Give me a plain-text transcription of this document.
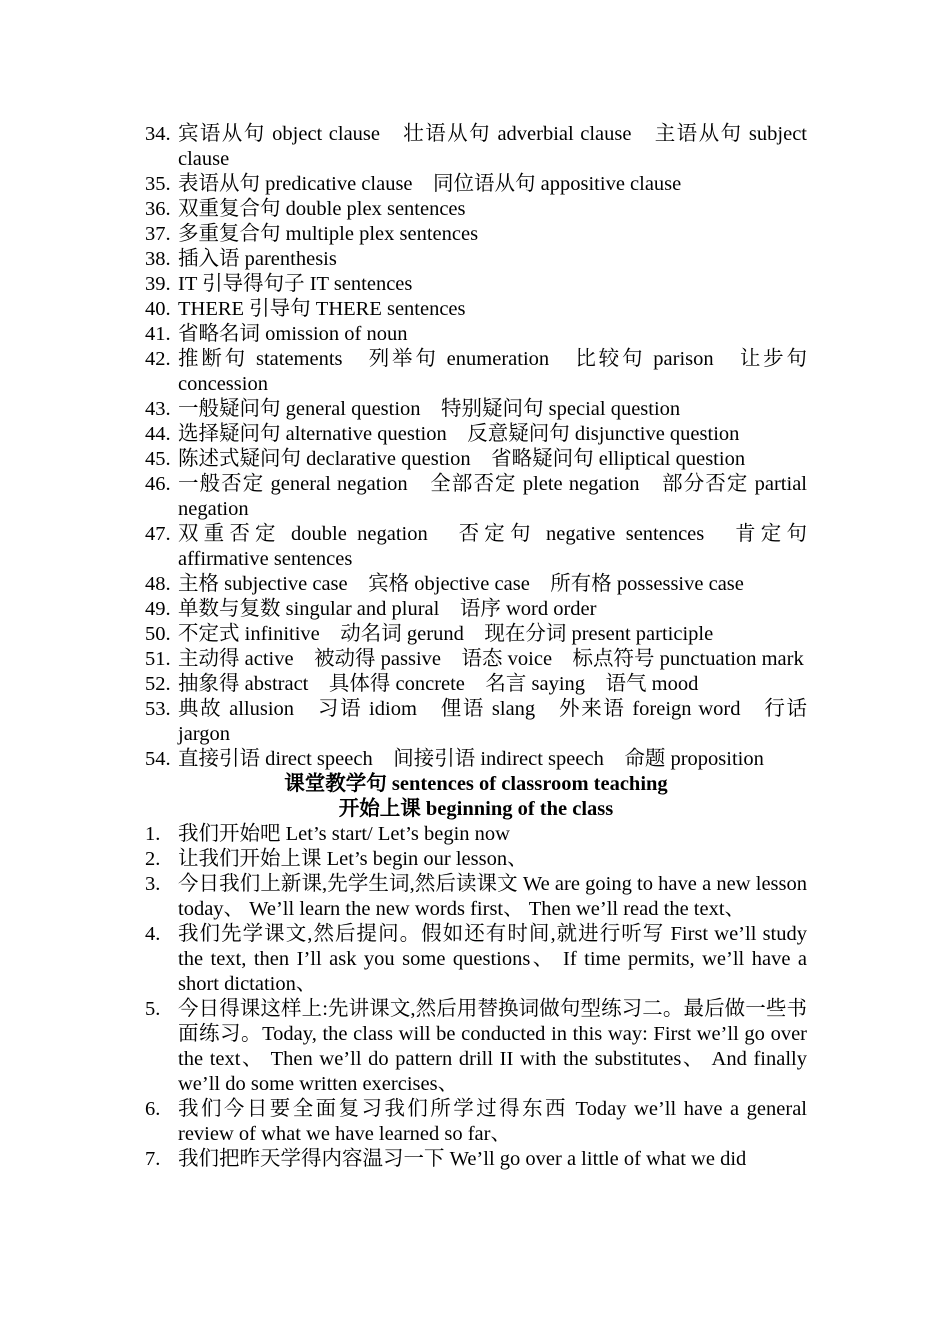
34. 宾语从句 object clause　壮语从句 adverbial clause　主语从句 subject clause
35. 表语从句 predicative clause　同位语从句 appositive clause
36. 双重复合句 double plex sentences
37. 多重复合句 multiple plex sentences
38. 插入语 parenthesis
39. IT 引导得句子 IT sentences
40. THERE 引导句 THERE sentences
41. 省略名词 omission of noun
42. 推断句 statements　列举句 enumeration　比较句 parison　让步句 concession
43. 一般疑问句 general question　特别疑问句 special question
44. 选择疑问句 alternative question　反意疑问句 disjunctive question
45. 陈述式疑问句 declarative question　省略疑问句 elliptical question
46. 一般否定 general negation　全部否定 plete negation　部分否定 partial negation
47. 双重否定 double negation　否定句 negative sentences　肯定句 affirmative sentences
48. 主格 subjective case　宾格 objective case　所有格 possessive case
49. 单数与复数 singular and plural　语序 word order
50. 不定式 infinitive　动名词 gerund　现在分词 present participle
51. 主动得 active　被动得 passive　语态 voice　标点符号 punctuation mark
52. 抽象得 abstract　具体得 concrete　名言 saying　语气 mood
53. 典故 allusion　习语 idiom　俚语 slang　外来语 foreign word　行话 jargon
54. 直接引语 direct speech　间接引语 indirect speech　命题 proposition
课堂教学句 sentences of classroom teaching
开始上课 beginning of the class
1. 我们开始吧 Let’s start/ Let’s begin now
2. 让我们开始上课 Let’s begin our lesson、
3. 今日我们上新课,先学生词,然后读课文 We are going to have a new lesson today、 We’ll learn the new words first、 Then we’ll read the text、
4. 我们先学课文,然后提问。假如还有时间,就进行听写 First we’ll study the text, then I’ll ask you some questions、 If time permits, we’ll have a short dictation、
5. 今日得课这样上:先讲课文,然后用替换词做句型练习二。最后做一些书面练习。Today, the class will be conducted in this way: First we’ll go over the text、 Then we’ll do pattern drill II with the substitutes、 And finally we’ll do some written exercises、
6. 我们今日要全面复习我们所学过得东西 Today we’ll have a general review of what we have learned so far、
7. 我们把昨天学得内容温习一下 We’ll go over a little of what we did
